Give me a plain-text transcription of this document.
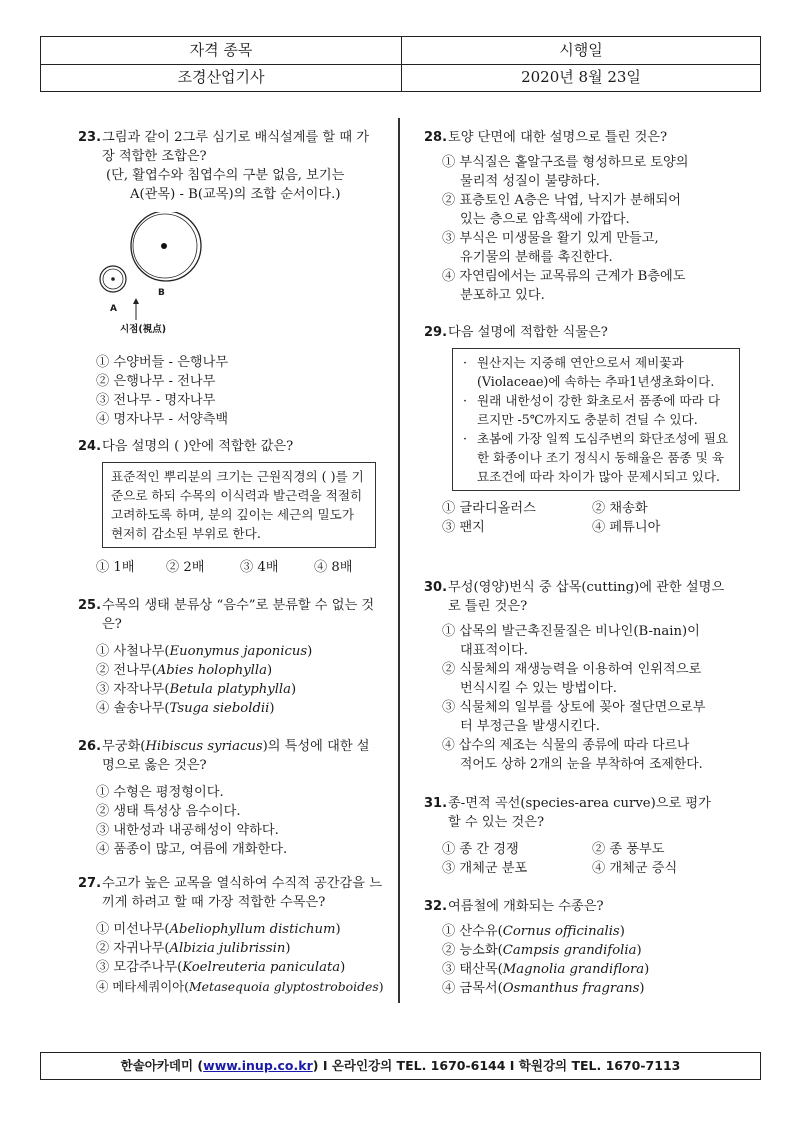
자격 종목	시행일
조경산업기사	2020년 8월 23일
23. 그림과 같이 2그루 심기로 배식설계를 할 때 가장 적합한 조합은?
(단, 활엽수와 침엽수의 구분 없음, 보기는
A(관목) - B(교목)의 조합 순서이다.)
A
B
시점(視点)
① 수양버들 - 은행나무
② 은행나무 - 전나무
③ 전나무 - 명자나무
④ 명자나무 - 서양측백
24. 다음 설명의 ( )안에 적합한 값은?
표준적인 뿌리분의 크기는 근원직경의 ( )를 기준으로 하되 수목의 이식력과 발근력을 적절히 고려하도록 하며, 분의 깊이는 세근의 밀도가 현저히 감소된 부위로 한다.
① 1배	② 2배	③ 4배	④ 8배
25. 수목의 생태 분류상 “음수”로 분류할 수 없는 것은?
① 사철나무(Euonymus japonicus)
② 전나무(Abies holophylla)
③ 자작나무(Betula platyphylla)
④ 솔송나무(Tsuga sieboldii)
26. 무궁화(Hibiscus syriacus)의 특성에 대한 설명으로 옳은 것은?
① 수형은 평정형이다.
② 생태 특성상 음수이다.
③ 내한성과 내공해성이 약하다.
④ 품종이 많고, 여름에 개화한다.
27. 수고가 높은 교목을 열식하여 수직적 공간감을 느끼게 하려고 할 때 가장 적합한 수목은?
① 미선나무(Abeliophyllum distichum)
② 자귀나무(Albizia julibrissin)
③ 모감주나무(Koelreuteria paniculata)
④ 메타세쿼이아(Metasequoia glyptostroboides)
28. 토양 단면에 대한 설명으로 틀린 것은?
① 부식질은 홑알구조를 형성하므로 토양의
물리적 성질이 불량하다.
② 표층토인 A층은 낙엽, 낙지가 분해되어
있는 층으로 암흑색에 가깝다.
③ 부식은 미생물을 활기 있게 만들고,
유기물의 분해를 촉진한다.
④ 자연림에서는 교목류의 근계가 B층에도
분포하고 있다.
29. 다음 설명에 적합한 식물은?
· 원산지는 지중해 연안으로서 제비꽃과(Violaceae)에 속하는 추파1년생초화이다.
· 원래 내한성이 강한 화초로서 품종에 따라 다르지만 -5℃까지도 충분히 견딜 수 있다.
· 초봄에 가장 일찍 도심주변의 화단조성에 필요한 화종이나 조기 정식시 동해율은 품종 및 육묘조건에 따라 차이가 많아 문제시되고 있다.
① 글라디올러스	② 채송화
③ 팬지	④ 페튜니아
30. 무성(영양)번식 중 삽목(cutting)에 관한 설명으로 틀린 것은?
① 삽목의 발근촉진물질은 비나인(B-nain)이
대표적이다.
② 식물체의 재생능력을 이용하여 인위적으로
번식시킬 수 있는 방법이다.
③ 식물체의 일부를 상토에 꽂아 절단면으로부
터 부정근을 발생시킨다.
④ 삽수의 제조는 식물의 종류에 따라 다르나
적어도 상하 2개의 눈을 부착하여 조제한다.
31. 종-면적 곡선(species-area curve)으로 평가 할 수 있는 것은?
① 종 간 경쟁	② 종 풍부도
③ 개체군 분포	④ 개체군 증식
32. 여름철에 개화되는 수종은?
① 산수유(Cornus officinalis)
② 능소화(Campsis grandifolia)
③ 태산목(Magnolia grandiflora)
④ 금목서(Osmanthus fragrans)
한솔아카데미 (www.inup.co.kr) I 온라인강의 TEL. 1670-6144 I 학원강의 TEL. 1670-7113
